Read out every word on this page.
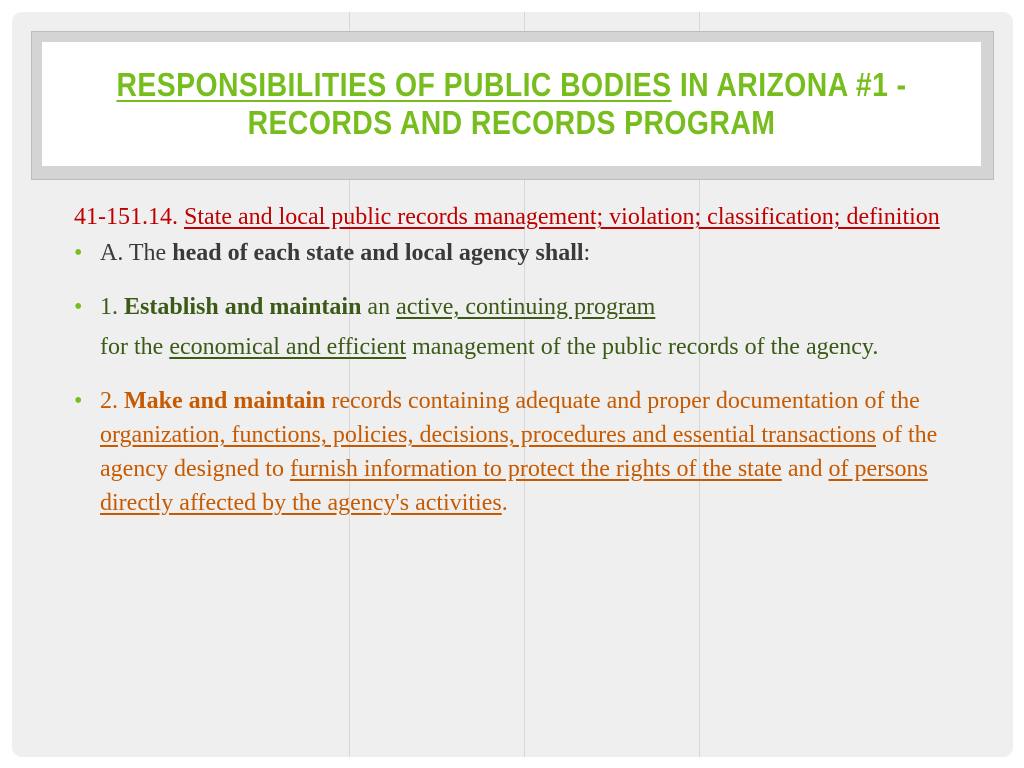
RESPONSIBILITIES OF PUBLIC BODIES IN ARIZONA #1 - RECORDS AND RECORDS PROGRAM

41-151.14. State and local public records management; violation; classification; definition

• A. The head of each state and local agency shall:
• 1. Establish and maintain an active, continuing program
for the economical and efficient management of the public records of the agency.
• 2. Make and maintain records containing adequate and proper documentation of the organization, functions, policies, decisions, procedures and essential transactions of the agency designed to furnish information to protect the rights of the state and of persons directly affected by the agency's activities.
